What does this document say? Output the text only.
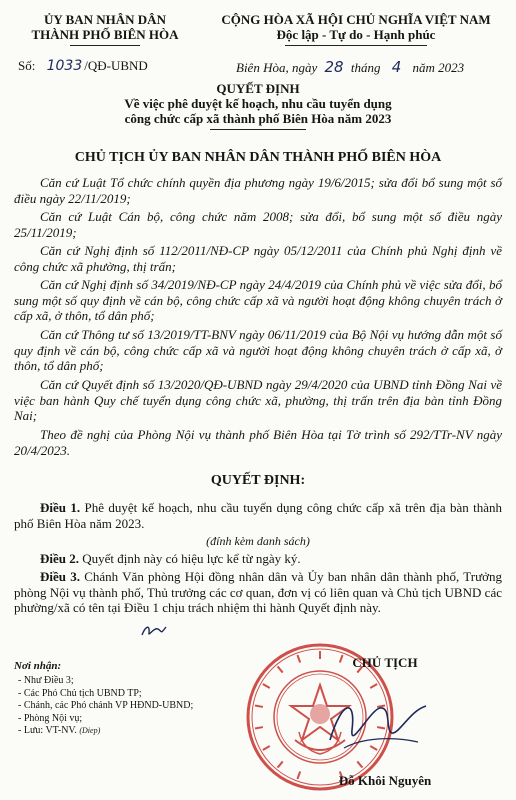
ỦY BAN NHÂN DÂN
THÀNH PHỐ BIÊN HÒA
CỘNG HÒA XÃ HỘI CHỦ NGHĨA VIỆT NAM
Độc lập - Tự do - Hạnh phúc
Số: 1033 /QĐ-UBND	Biên Hòa, ngày 28 tháng 4 năm 2023
QUYẾT ĐỊNH
Về việc phê duyệt kế hoạch, nhu cầu tuyển dụng
công chức cấp xã thành phố Biên Hòa năm 2023
CHỦ TỊCH ỦY BAN NHÂN DÂN THÀNH PHỐ BIÊN HÒA
Căn cứ Luật Tổ chức chính quyền địa phương ngày 19/6/2015; sửa đổi bổ sung một số điều ngày 22/11/2019;
Căn cứ Luật Cán bộ, công chức năm 2008; sửa đổi, bổ sung một số điều ngày 25/11/2019;
Căn cứ Nghị định số 112/2011/NĐ-CP ngày 05/12/2011 của Chính phủ Nghị định về công chức xã phường, thị trấn;
Căn cứ Nghị định số 34/2019/NĐ-CP ngày 24/4/2019 của Chính phủ về việc sửa đổi, bổ sung một số quy định về cán bộ, công chức cấp xã và người hoạt động không chuyên trách ở cấp xã, ở thôn, tổ dân phố;
Căn cứ Thông tư số 13/2019/TT-BNV ngày 06/11/2019 của Bộ Nội vụ hướng dẫn một số quy định về cán bộ, công chức cấp xã và người hoạt động không chuyên trách ở cấp xã, ở thôn, tổ dân phố;
Căn cứ Quyết định số 13/2020/QĐ-UBND ngày 29/4/2020 của UBND tỉnh Đồng Nai về việc ban hành Quy chế tuyển dụng công chức xã, phường, thị trấn trên địa bàn tỉnh Đồng Nai;
Theo đề nghị của Phòng Nội vụ thành phố Biên Hòa tại Tờ trình số 292/TTr-NV ngày 20/4/2023.
QUYẾT ĐỊNH:
Điều 1. Phê duyệt kế hoạch, nhu cầu tuyển dụng công chức cấp xã trên địa bàn thành phố Biên Hòa năm 2023.
(đính kèm danh sách)
Điều 2. Quyết định này có hiệu lực kể từ ngày ký.
Điều 3. Chánh Văn phòng Hội đồng nhân dân và Ủy ban nhân dân thành phố, Trưởng phòng Nội vụ thành phố, Thủ trưởng các cơ quan, đơn vị có liên quan và Chủ tịch UBND các phường/xã có tên tại Điều 1 chịu trách nhiệm thi hành Quyết định này.
Nơi nhận:
- Như Điều 3;
- Các Phó Chủ tịch UBND TP;
- Chánh, các Phó chánh VP HĐND-UBND;
- Phòng Nội vụ;
- Lưu: VT-NV. (Diep)
CHỦ TỊCH
Đỗ Khôi Nguyên
